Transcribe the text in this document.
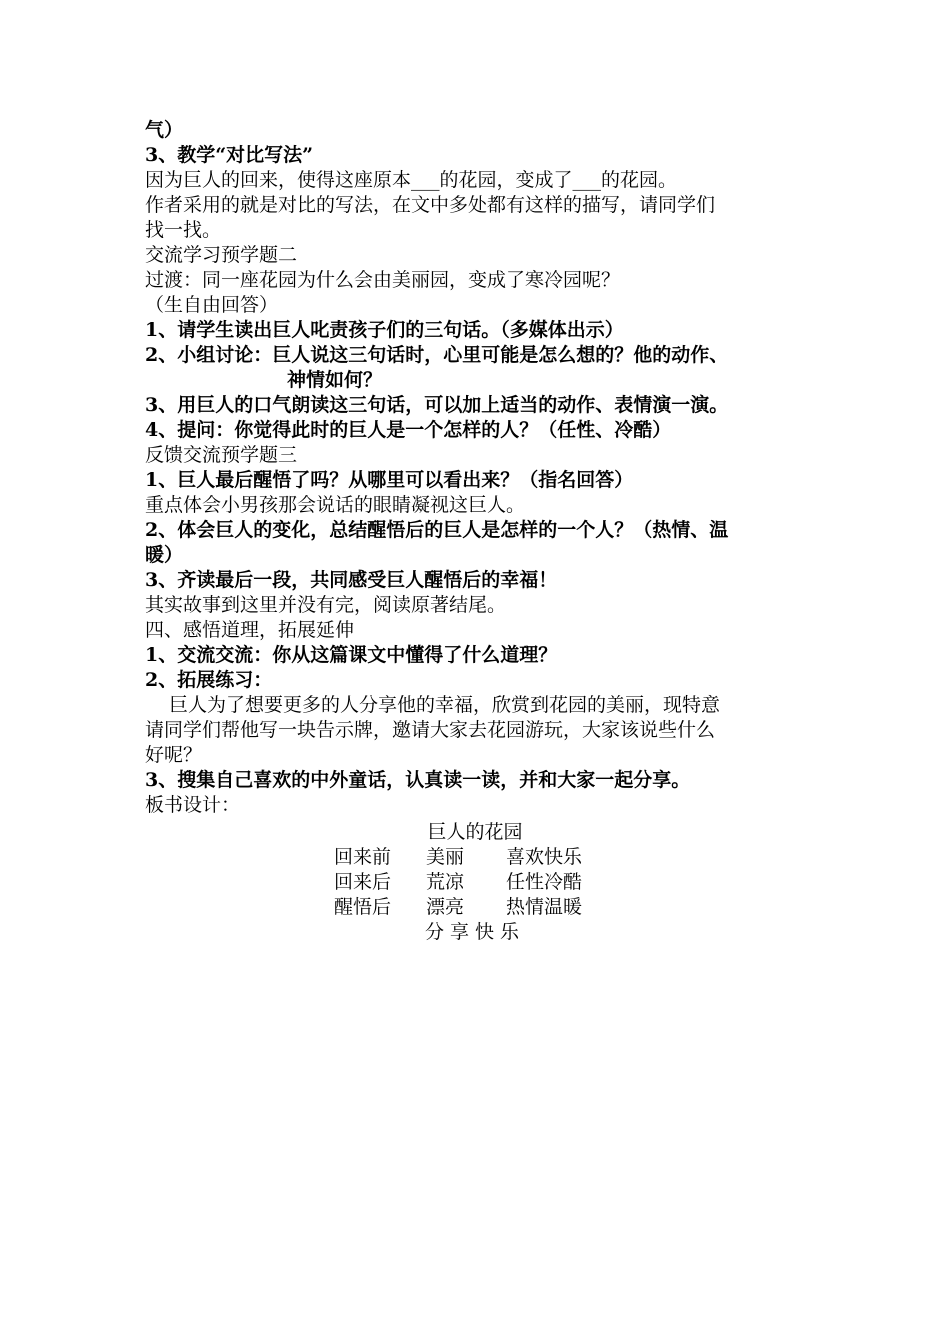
气）
3、教学“对比写法”
因为巨人的回来，使得这座原本___的花园，变成了___的花园。
作者采用的就是对比的写法，在文中多处都有这样的描写，请同学们
找一找。
交流学习预学题二
过渡：同一座花园为什么会由美丽园，变成了寒冷园呢？
（生自由回答）
1、请学生读出巨人叱责孩子们的三句话。（多媒体出示）
2、小组讨论：巨人说这三句话时，心里可能是怎么想的？他的动作、
神情如何？
3、用巨人的口气朗读这三句话，可以加上适当的动作、表情演一演。
4、提问：你觉得此时的巨人是一个怎样的人？（任性、冷酷）
反馈交流预学题三
1、巨人最后醒悟了吗？从哪里可以看出来？（指名回答）
重点体会小男孩那会说话的眼睛凝视这巨人。
2、体会巨人的变化，总结醒悟后的巨人是怎样的一个人？（热情、温
暖）
3、齐读最后一段，共同感受巨人醒悟后的幸福！
其实故事到这里并没有完，阅读原著结尾。
四、感悟道理，拓展延伸
1、交流交流：你从这篇课文中懂得了什么道理？
2、拓展练习：
巨人为了想要更多的人分享他的幸福，欣赏到花园的美丽，现特意
请同学们帮他写一块告示牌，邀请大家去花园游玩，大家该说些什么
好呢？
3、搜集自己喜欢的中外童话，认真读一读，并和大家一起分享。
板书设计：
巨人的花园
回来前	美丽	喜欢快乐
回来后	荒凉	任性冷酷
醒悟后	漂亮	热情温暖
分享快乐
